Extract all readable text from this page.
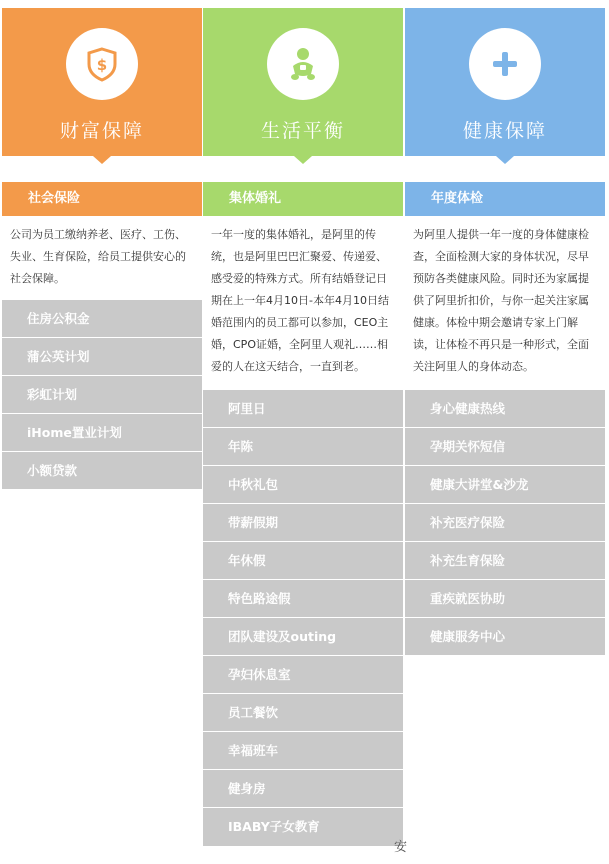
$
财富保障
社会保险
公司为员工缴纳养老、医疗、工伤、失业、生育保险，给员工提供安心的社会保障。
住房公积金
蒲公英计划
彩虹计划
iHome置业计划
小额贷款
生活平衡
集体婚礼
一年一度的集体婚礼，是阿里的传统，也是阿里巴巴汇聚爱、传递爱、感受爱的特殊方式。所有结婚登记日期在上一年4月10日-本年4月10日结婚范围内的员工都可以参加，CEO主婚，CPO证婚，全阿里人观礼……相爱的人在这天结合，一直到老。
阿里日
年陈
中秋礼包
带薪假期
年休假
特色路途假
团队建设及outing
孕妇休息室
员工餐饮
幸福班车
健身房
IBABY子女教育
健康保障
年度体检
为阿里人提供一年一度的身体健康检查，全面检测大家的身体状况，尽早预防各类健康风险。同时还为家属提供了阿里折扣价，与你一起关注家属健康。体检中期会邀请专家上门解读，让体检不再只是一种形式，全面关注阿里人的身体动态。
身心健康热线
孕期关怀短信
健康大讲堂&沙龙
补充医疗保险
补充生育保险
重疾就医协助
健康服务中心
安
